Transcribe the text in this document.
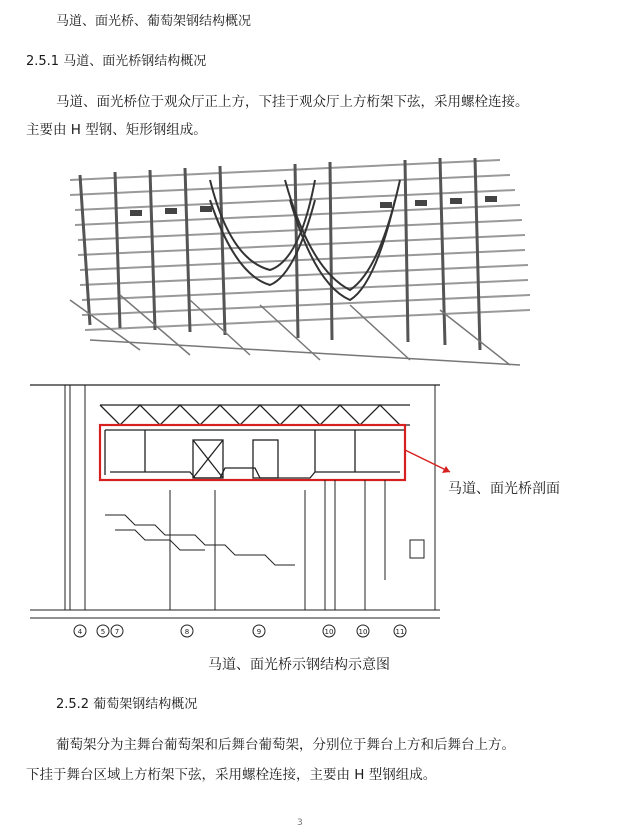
马道、面光桥、葡萄架钢结构概况
2.5.1 马道、面光桥钢结构概况
马道、面光桥位于观众厅正上方，下挂于观众厅上方桁架下弦，采用螺栓连接。
主要由 H 型钢、矩形钢组成。
4	5 7	8	9	10	10	11
马道、面光桥剖面
马道、面光桥示钢结构示意图
2.5.2 葡萄架钢结构概况
葡萄架分为主舞台葡萄架和后舞台葡萄架，分别位于舞台上方和后舞台上方。
下挂于舞台区域上方桁架下弦，采用螺栓连接，主要由 H 型钢组成。
3
